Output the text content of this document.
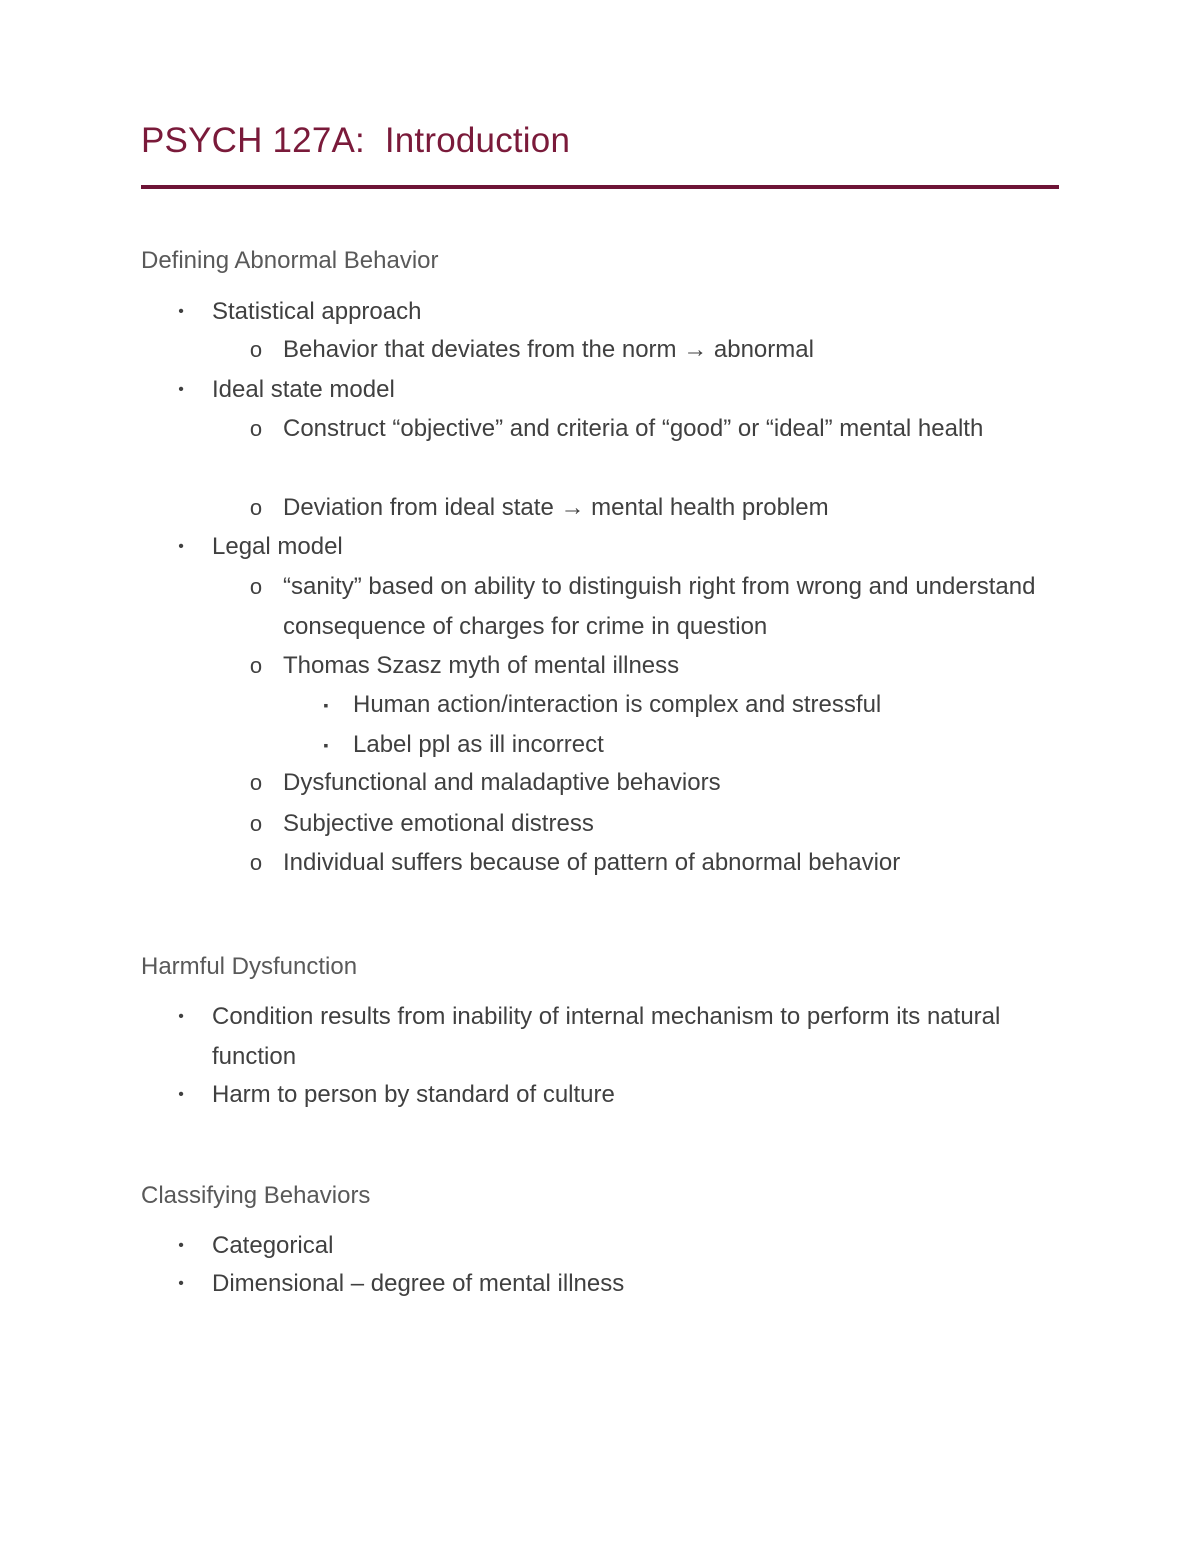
PSYCH 127A:  Introduction
Defining Abnormal Behavior
•	Statistical approach
o Behavior that deviates from the norm → abnormal
•	Ideal state model
o Construct “objective” and criteria of “good” or “ideal” mental health
o Deviation from ideal state → mental health problem
•	Legal model
o “sanity” based on ability to distinguish right from wrong and understand consequence of charges for crime in question
o Thomas Szasz myth of mental illness
▪	Human action/interaction is complex and stressful
▪	Label ppl as ill incorrect
o Dysfunctional and maladaptive behaviors
o Subjective emotional distress
o Individual suffers because of pattern of abnormal behavior
Harmful Dysfunction
•	Condition results from inability of internal mechanism to perform its natural function
•	Harm to person by standard of culture
Classifying Behaviors
•	Categorical
•	Dimensional – degree of mental illness
